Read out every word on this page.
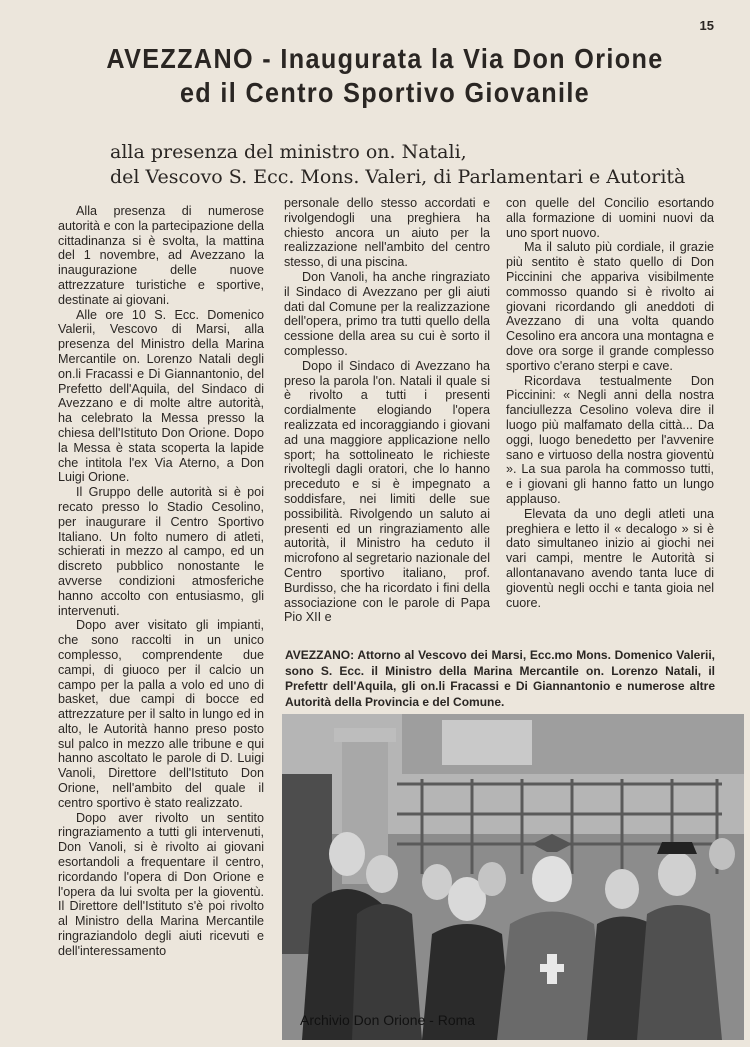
15
AVEZZANO - Inaugurata la Via Don Orione
ed il Centro Sportivo Giovanile
alla presenza del ministro on. Natali,
del Vescovo S. Ecc. Mons. Valeri, di Parlamentari e Autorità

Alla presenza di numerose autorità e con la partecipazione della cittadinanza si è svolta, la mattina del 1 novembre, ad Avezzano la inaugurazione delle nuove attrezzature turistiche e sportive, destinate ai giovani.

Alle ore 10 S. Ecc. Domenico Valerii, Vescovo di Marsi, alla presenza del Ministro della Marina Mercantile on. Lorenzo Natali degli on.li Fracassi e Di Giannantonio, del Prefetto dell'Aquila, del Sindaco di Avezzano e di molte altre autorità, ha celebrato la Messa presso la chiesa dell'Istituto Don Orione. Dopo la Messa è stata scoperta la lapide che intitola l'ex Via Aterno, a Don Luigi Orione.

Il Gruppo delle autorità si è poi recato presso lo Stadio Cesolino, per inaugurare il Centro Sportivo Italiano. Un folto numero di atleti, schierati in mezzo al campo, ed un discreto pubblico nonostante le avverse condizioni atmosferiche hanno accolto con entusiasmo, gli intervenuti.

Dopo aver visitato gli impianti, che sono raccolti in un unico complesso, comprendente due campi, di giuoco per il calcio un campo per la palla a volo ed uno di basket, due campi di bocce ed attrezzature per il salto in lungo ed in alto, le Autorità hanno preso posto sul palco in mezzo alle tribune e qui hanno ascoltato le parole di D. Luigi Vanoli, Direttore dell'Istituto Don Orione, nell'ambito del quale il centro sportivo è stato realizzato.

Dopo aver rivolto un sentito ringraziamento a tutti gli intervenuti, Don Vanoli, si è rivolto ai giovani esortandoli a frequentare il centro, ricordando l'opera di Don Orione e l'opera da lui svolta per la gioventù. Il Direttore dell'Istituto s'è poi rivolto al Ministro della Marina Mercantile ringraziandolo degli aiuti ricevuti e dell'interessamento

personale dello stesso accordati e rivolgendogli una preghiera ha chiesto ancora un aiuto per la realizzazione nell'ambito del centro stesso, di una piscina.

Don Vanoli, ha anche ringraziato il Sindaco di Avezzano per gli aiuti dati dal Comune per la realizzazione dell'opera, primo tra tutti quello della cessione della area su cui è sorto il complesso.

Dopo il Sindaco di Avezzano ha preso la parola l'on. Natali il quale si è rivolto a tutti i presenti cordialmente elogiando l'opera realizzata ed incoraggiando i giovani ad una maggiore applicazione nello sport; ha sottolineato le richieste rivoltegli dagli oratori, che lo hanno preceduto e si è impegnato a soddisfare, nei limiti delle sue possibilità. Rivolgendo un saluto ai presenti ed un ringraziamento alle autorità, il Ministro ha ceduto il microfono al segretario nazionale del Centro sportivo italiano, prof. Burdisso, che ha ricordato i fini della associazione con le parole di Papa Pio XII e

con quelle del Concilio esortando alla formazione di uomini nuovi da uno sport nuovo.

Ma il saluto più cordiale, il grazie più sentito è stato quello di Don Piccinini che appariva visibilmente commosso quando si è rivolto ai giovani ricordando gli aneddoti di Avezzano di una volta quando Cesolino era ancora una montagna e dove ora sorge il grande complesso sportivo c'erano sterpi e cave.

Ricordava testualmente Don Piccinini: « Negli anni della nostra fanciullezza Cesolino voleva dire il luogo più malfamato della città... Da oggi, luogo benedetto per l'avvenire sano e virtuoso della nostra gioventù ». La sua parola ha commosso tutti, e i giovani gli hanno fatto un lungo applauso.

Elevata da uno degli atleti una preghiera e letto il « decalogo » si è dato simultaneo inizio ai giochi nei vari campi, mentre le Autorità si allontanavano avendo tanta luce di gioventù negli occhi e tanta gioia nel cuore.

AVEZZANO: Attorno al Vescovo dei Marsi, Ecc.mo Mons. Domenico Valerii, sono S. Ecc. il Ministro della Marina Mercantile on. Lorenzo Natali, il Prefettr dell'Aquila, gli on.li Fracassi e Di Giannantonio e numerose altre Autorità della Provincia e del Comune.
Archivio Don Orione - Roma
